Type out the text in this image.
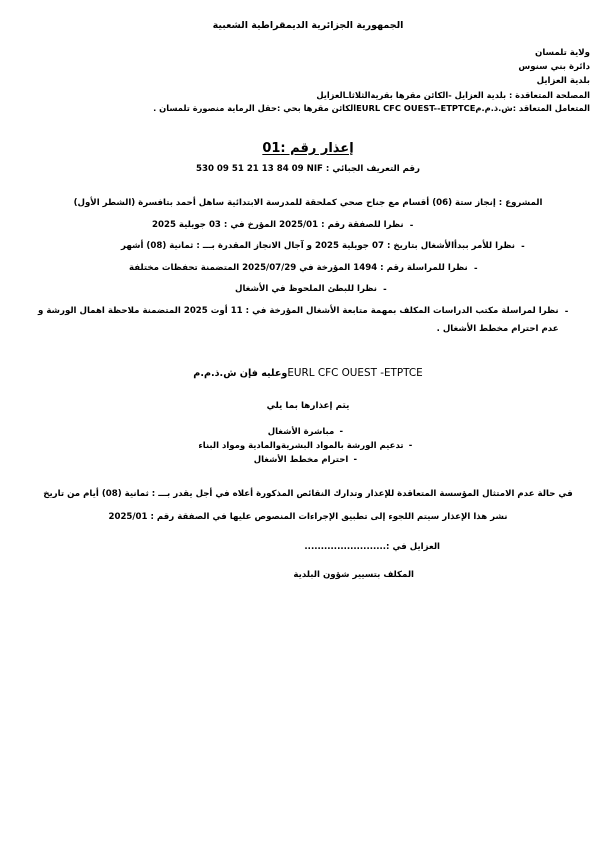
الجمهورية الجزائرية الديمقراطية الشعبية
ولاية تلمسان
دائرة بني سنوس
بلدية العزايل
المصلحة المتعاقدة : بلدية العزايل -الكائن مقرها بقريةالثلاثاـالعزايل
المتعامل المتعاقد :ش.ذ.م.مEURL CFC OUEST--ETPTCEالكائن مقرها بحي :حقل الرماية منصورة تلمسان .
إعذار رقم :01
رقم التعريف الجبائي : 530 09 51 21 13 84 09 NIF
المشروع : إنجاز ستة (06) أقسام مع جناح صحي كملحقة للمدرسة الابتدائية ساهل أحمد بتافسرة (الشطر الأول)
-
نظرا للصفقة رقم : 2025/01 المؤرخ في : 03 جويلية 2025
-
نظرا للأمر ببدأالأشغال بتاريخ : 07 جويلية 2025 و آجال الانجاز المقدرة بـــ : ثمانية (08) أشهر
-
نظرا للمراسلة رقم : 1494 المؤرخة في 2025/07/29 المتضمنة تحفظات مختلفة
-
نظرا للبطئ الملحوظ في الأشغال
-
نظرا لمراسلة مكتب الدراسات المكلف بمهمة متابعة الأشغال المؤرخة في : 11 أوت 2025 المتضمنة ملاحظة اهمال الورشة و
عدم احترام مخطط الأشغال .
EURL CFC OUEST -ETPTCEوعليه فإن ش.ذ.م.م
يتم إعذارها بما يلي
-مباشرة الأشغال
-تدعيم الورشة بالمواد البشريةوالمادية ومواد البناء
-احترام مخطط الأشغال

في حالة عدم الامتثال المؤسسة المتعاقدة للإعذار وتدارك النقائص المذكورة أعلاه في أجل يقدر بـــ : ثمانية (08) أيام من تاريخ

نشر هذا الإعذار سيتم اللجوء إلى تطبيق الإجراءات المنصوص عليها في الصفقة رقم : 2025/01

العزايل في :.........................
المكلف بتسيير شؤون البلدية
